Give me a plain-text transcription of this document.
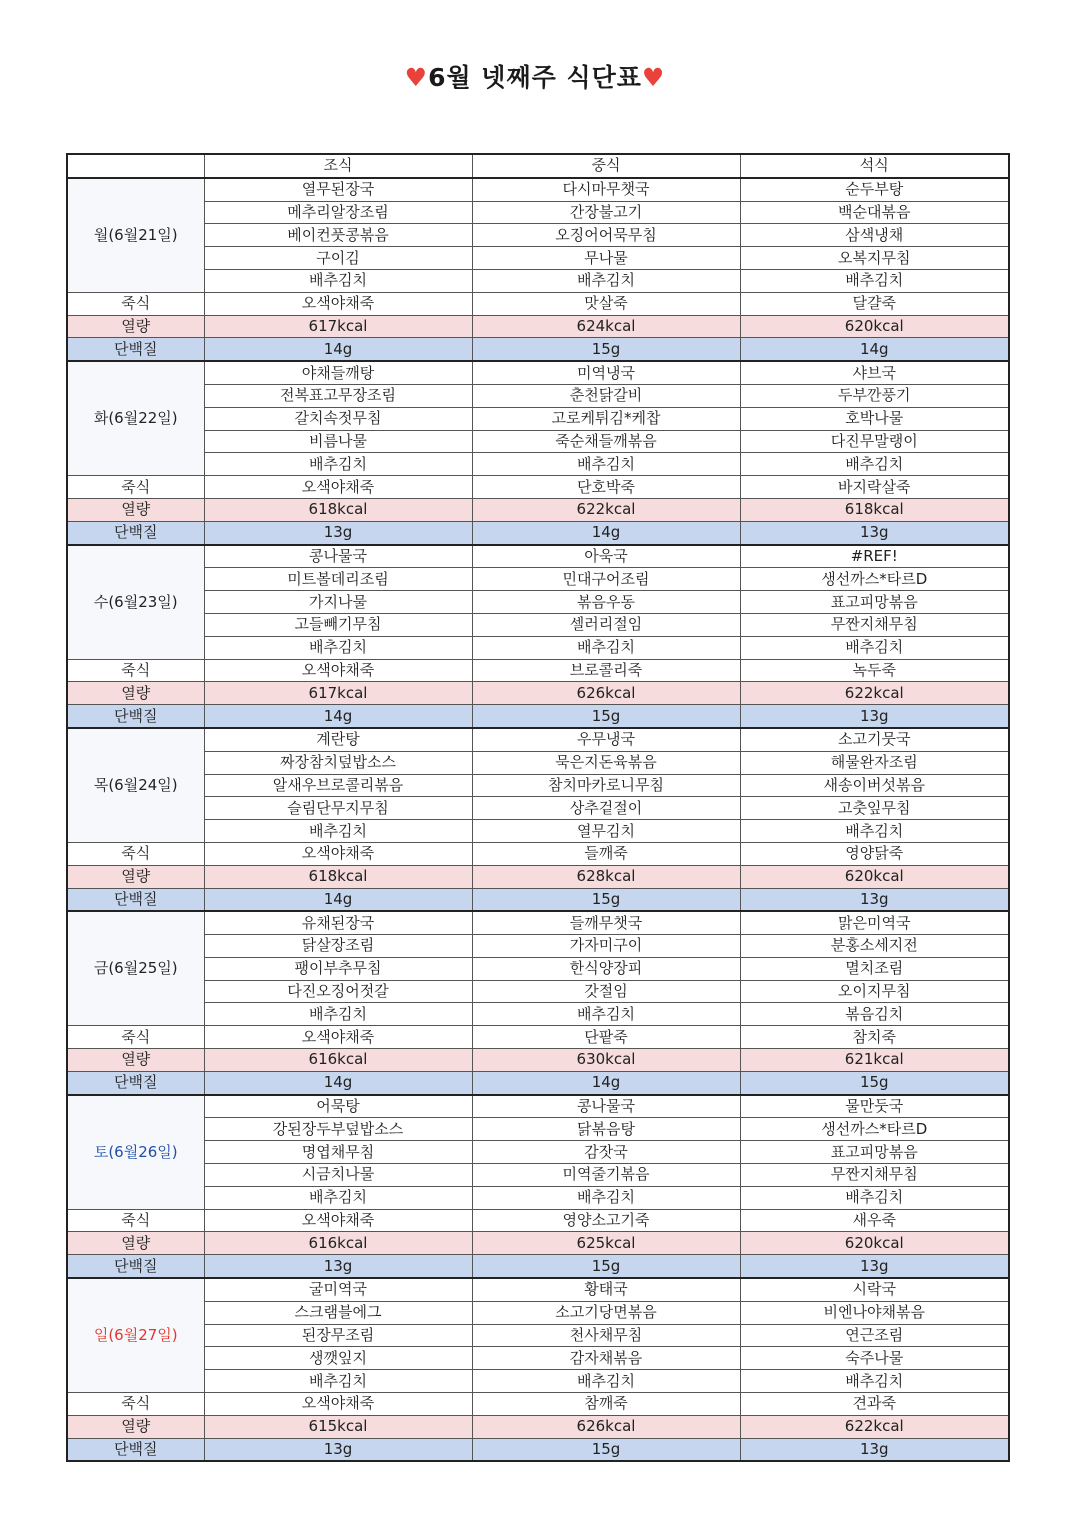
♥6월 넷째주 식단표♥
	조식	중식	석식
월(6월21일)	열무된장국	다시마무챗국	순두부탕
	메추리알장조림	간장불고기	백순대볶음
	베이컨풋콩볶음	오징어어묵무침	삼색냉채
	구이김	무나물	오복지무침
	배추김치	배추김치	배추김치
죽식	오색야채죽	맛살죽	달걀죽
열량	617kcal	624kcal	620kcal
단백질	14g	15g	14g
화(6월22일)	야채들깨탕	미역냉국	샤브국
	전복표고무장조림	춘천닭갈비	두부깐풍기
	갈치속젓무침	고로케튀김*케찹	호박나물
	비름나물	죽순채들깨볶음	다진무말랭이
	배추김치	배추김치	배추김치
죽식	오색야채죽	단호박죽	바지락살죽
열량	618kcal	622kcal	618kcal
단백질	13g	14g	13g
수(6월23일)	콩나물국	아욱국	#REF!
	미트볼데리조림	민대구어조림	생선까스*타르D
	가지나물	볶음우동	표고피망볶음
	고들빼기무침	셀러리절임	무짠지채무침
	배추김치	배추김치	배추김치
죽식	오색야채죽	브로콜리죽	녹두죽
열량	617kcal	626kcal	622kcal
단백질	14g	15g	13g
목(6월24일)	계란탕	우무냉국	소고기뭇국
	짜장참치덮밥소스	묵은지돈육볶음	해물완자조림
	알새우브로콜리볶음	참치마카로니무침	새송이버섯볶음
	슬림단무지무침	상추겉절이	고춧잎무침
	배추김치	열무김치	배추김치
죽식	오색야채죽	들깨죽	영양닭죽
열량	618kcal	628kcal	620kcal
단백질	14g	15g	13g
금(6월25일)	유채된장국	들깨무챗국	맑은미역국
	닭살장조림	가자미구이	분홍소세지전
	팽이부추무침	한식양장피	멸치조림
	다진오징어젓갈	갓절임	오이지무침
	배추김치	배추김치	볶음김치
죽식	오색야채죽	단팥죽	참치죽
열량	616kcal	630kcal	621kcal
단백질	14g	14g	15g
토(6월26일)	어묵탕	콩나물국	물만둣국
	강된장두부덮밥소스	닭볶음탕	생선까스*타르D
	명엽채무침	감잣국	표고피망볶음
	시금치나물	미역줄기볶음	무짠지채무침
	배추김치	배추김치	배추김치
죽식	오색야채죽	영양소고기죽	새우죽
열량	616kcal	625kcal	620kcal
단백질	13g	15g	13g
일(6월27일)	굴미역국	황태국	시락국
	스크램블에그	소고기당면볶음	비엔나야채볶음
	된장무조림	천사채무침	연근조림
	생깻잎지	감자채볶음	숙주나물
	배추김치	배추김치	배추김치
죽식	오색야채죽	참깨죽	견과죽
열량	615kcal	626kcal	622kcal
단백질	13g	15g	13g
